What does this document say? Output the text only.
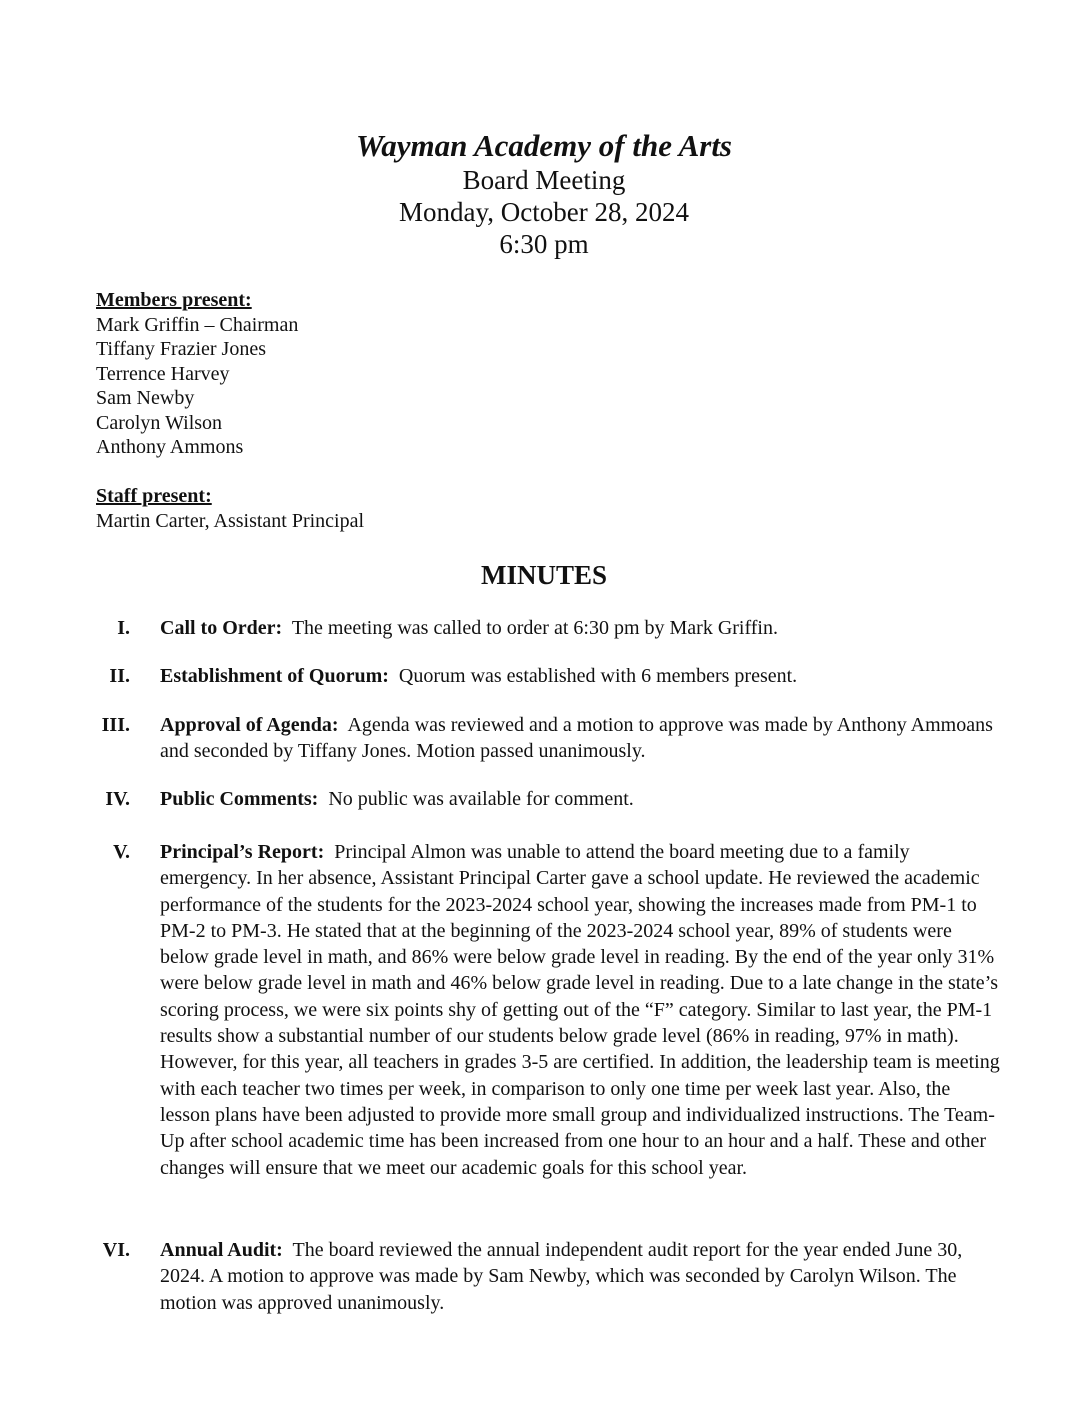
Wayman Academy of the Arts
Board Meeting
Monday, October 28, 2024
6:30 pm
Members present:
Mark Griffin – Chairman
Tiffany Frazier Jones
Terrence Harvey
Sam Newby
Carolyn Wilson
Anthony Ammons
Staff present:
Martin Carter, Assistant Principal
MINUTES
I. Call to Order: The meeting was called to order at 6:30 pm by Mark Griffin.
II. Establishment of Quorum: Quorum was established with 6 members present.
III. Approval of Agenda: Agenda was reviewed and a motion to approve was made by Anthony Ammoans and seconded by Tiffany Jones. Motion passed unanimously.
IV. Public Comments: No public was available for comment.
V. Principal’s Report: Principal Almon was unable to attend the board meeting due to a family emergency. In her absence, Assistant Principal Carter gave a school update. He reviewed the academic performance of the students for the 2023-2024 school year, showing the increases made from PM-1 to PM-2 to PM-3. He stated that at the beginning of the 2023-2024 school year, 89% of students were below grade level in math, and 86% were below grade level in reading. By the end of the year only 31% were below grade level in math and 46% below grade level in reading. Due to a late change in the state’s scoring process, we were six points shy of getting out of the “F” category. Similar to last year, the PM-1 results show a substantial number of our students below grade level (86% in reading, 97% in math). However, for this year, all teachers in grades 3-5 are certified. In addition, the leadership team is meeting with each teacher two times per week, in comparison to only one time per week last year. Also, the lesson plans have been adjusted to provide more small group and individualized instructions. The Team-Up after school academic time has been increased from one hour to an hour and a half. These and other changes will ensure that we meet our academic goals for this school year.
VI. Annual Audit: The board reviewed the annual independent audit report for the year ended June 30, 2024. A motion to approve was made by Sam Newby, which was seconded by Carolyn Wilson. The motion was approved unanimously.
